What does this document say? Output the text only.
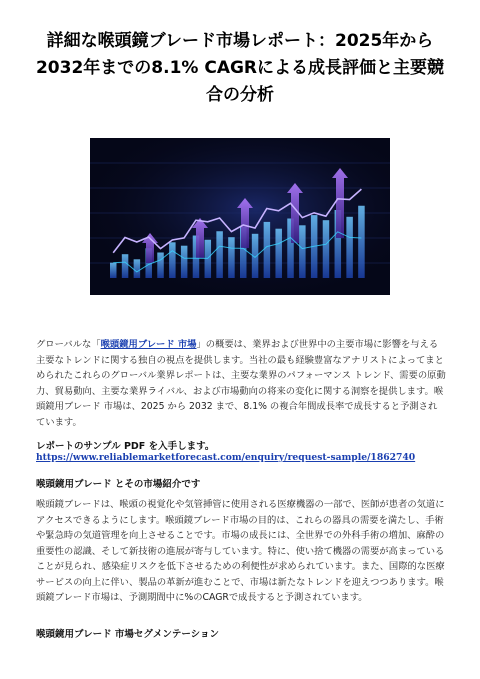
詳細な喉頭鏡ブレード市場レポート：2025年から2032年までの8.1% CAGRによる成長評価と主要競合の分析

グローバルな「喉頭鏡用ブレード 市場」の概要は、業界および世界中の主要市場に影響を与える主要なトレンドに関する独自の視点を提供します。当社の最も経験豊富なアナリストによってまとめられたこれらのグローバル業界レポートは、主要な業界のパフォーマンス トレンド、需要の原動力、貿易動向、主要な業界ライバル、および市場動向の将来の変化に関する洞察を提供します。喉頭鏡用ブレード 市場は、2025 から 2032 まで、8.1% の複合年間成長率で成長すると予測されています。

レポートのサンプル PDF を入手します。
https://www.reliablemarketforecast.com/enquiry/request-sample/1862740
喉頭鏡用ブレード とその市場紹介です

喉頭鏡ブレードは、喉頭の視覚化や気管挿管に使用される医療機器の一部で、医師が患者の気道にアクセスできるようにします。喉頭鏡ブレード市場の目的は、これらの器具の需要を満たし、手術や緊急時の気道管理を向上させることです。市場の成長には、全世界での外科手術の増加、麻酔の重要性の認識、そして新技術の進展が寄与しています。特に、使い捨て機器の需要が高まっていることが見られ、感染症リスクを低下させるための利便性が求められています。また、国際的な医療サービスの向上に伴い、製品の革新が進むことで、市場は新たなトレンドを迎えつつあります。喉頭鏡ブレード市場は、予測期間中に%のCAGRで成長すると予測されています。

喉頭鏡用ブレード 市場セグメンテーション
